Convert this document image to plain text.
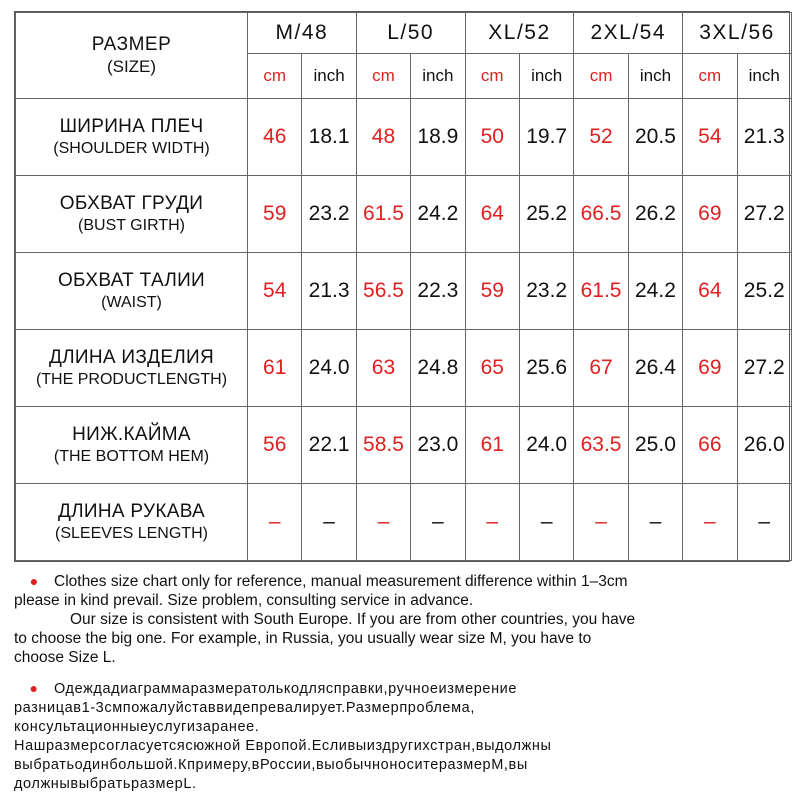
РАЗМЕР
(SIZE)	M/48		L/50		XL/52		2XL/54		3XL/56	
	cm	inch	cm	inch	cm	inch	cm	inch	cm	inch

ШИРИНА ПЛЕЧ
(SHOULDER WIDTH)	46	18.1	48	18.9	50	19.7	52	20.5	54	21.3

ОБХВАТ ГРУДИ
(BUST GIRTH)	59	23.2	61.5	24.2	64	25.2	66.5	26.2	69	27.2

ОБХВАТ ТАЛИИ
(WAIST)	54	21.3	56.5	22.3	59	23.2	61.5	24.2	64	25.2

ДЛИНА ИЗДЕЛИЯ
(THE PRODUCTLENGTH)	61	24.0	63	24.8	65	25.6	67	26.4	69	27.2

НИЖ.КАЙМА
(THE BOTTOM HEM)	56	22.1	58.5	23.0	61	24.0	63.5	25.0	66	26.0

ДЛИНА РУКАВА
(SLEEVES LENGTH)	–	–	–	–	–	–	–	–	–	–
● Clothes size chart only for reference, manual measurement difference within 1–3cm
please in kind prevail. Size problem, consulting service in advance.
Our size is consistent with South Europe. If you are from other countries, you have
to choose the big one. For example, in Russia, you usually wear size M, you have to
choose Size L.
● Одеждадиаграммаразмератолькодляcправки,ручноеизмерение
разницав1-3смпожалуйставвидепревалирует.Размерпроблема,
консультационныеуслугизаранее.
Нашразмерсогласуетсясюжной Европой.Есливыиздругихстран,выдолжны
выбратьодинбольшой.Кпримеру,вРоссии,выобычноноситеразмерМ,вы
должнывыбратьразмерL.
